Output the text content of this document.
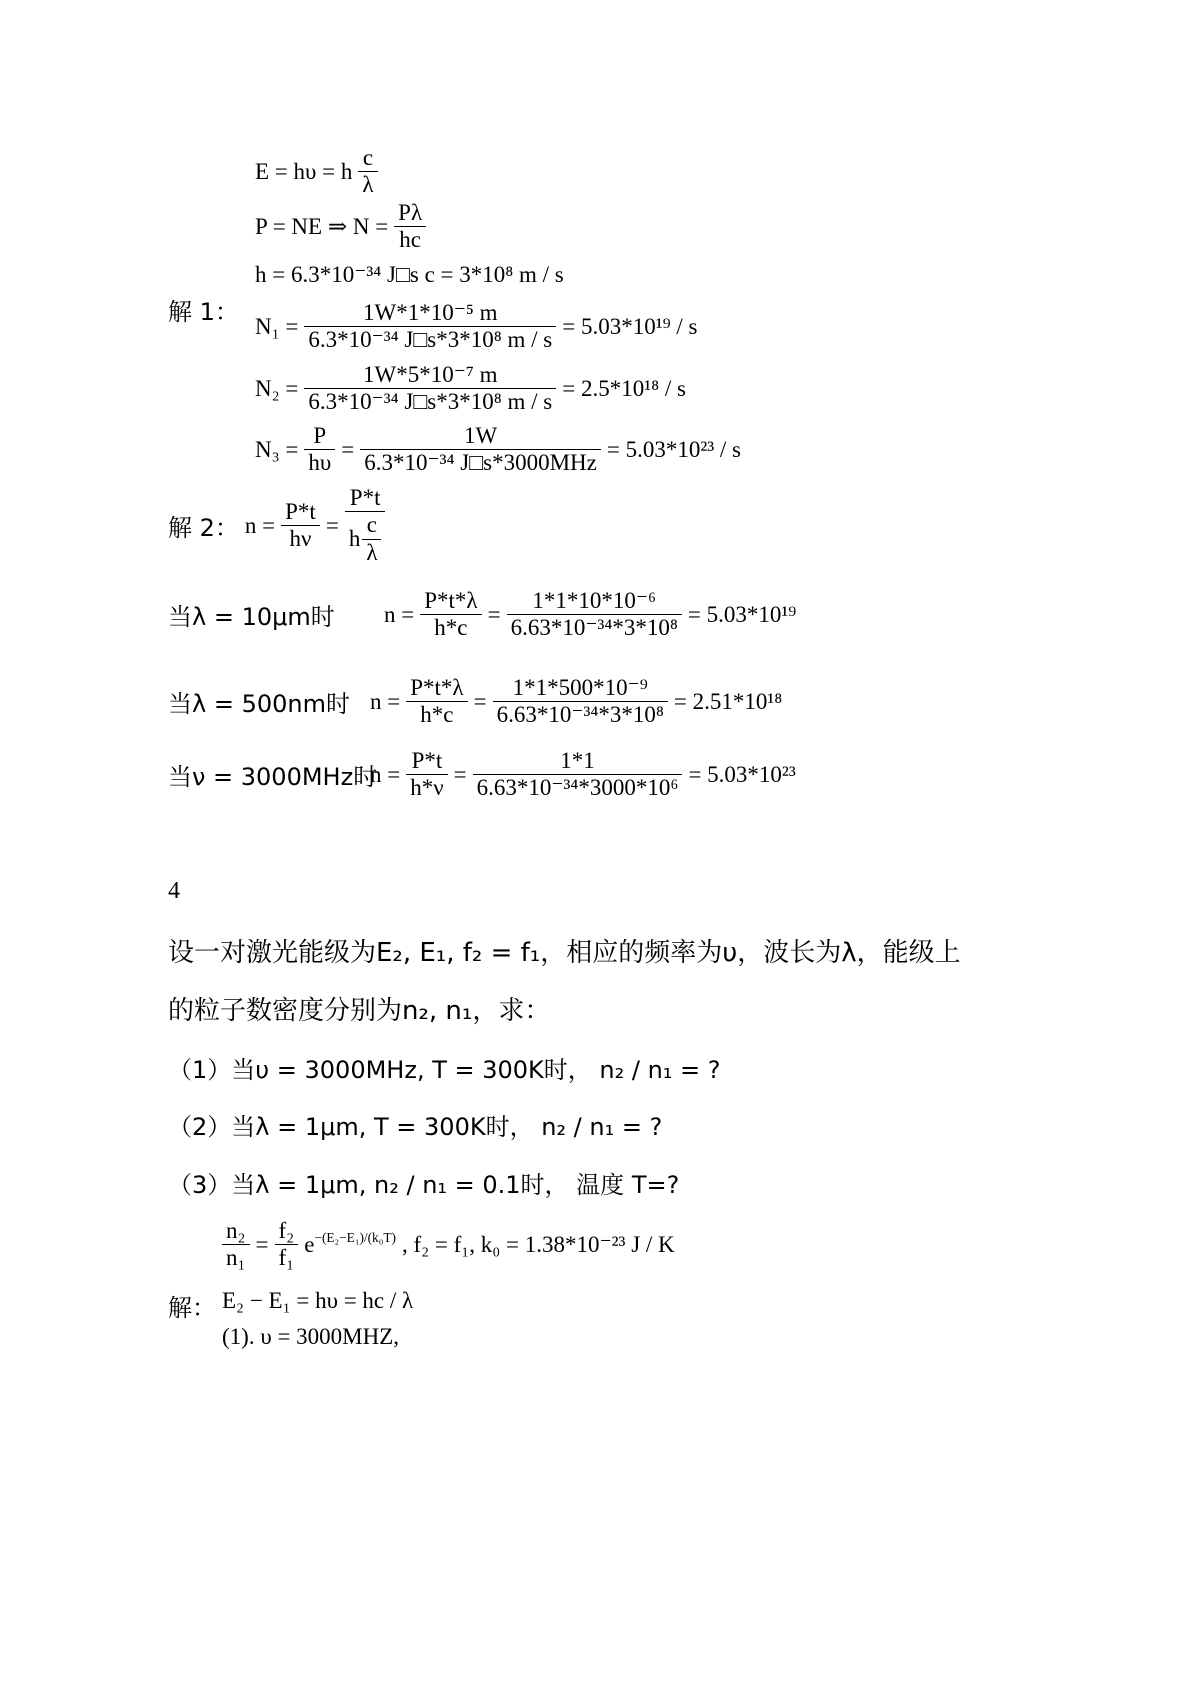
E = hυ = h $\frac{c}{\lambda}$
P = NE ⇒ $N = \frac{P\lambda}{hc}$
h = 6.3*10⁻³⁴ J□s c = 3*10⁸ m / s
解 1：
$N_1 = \frac{\text{1W*1*10⁻⁵ m}}{\text{6.3*10⁻³⁴ J□s*3*10⁸ m / s}} = 5.03*10^{19} / s$
$N_2 = \frac{\text{1W*5*10⁻⁷ m}}{\text{6.3*10⁻³⁴ J□s*3*10⁸ m / s}} = 2.5*10^{18} / s$
$N_3 = \frac{P}{h\upsilon} = \frac{1W}{\text{6.3*10⁻³⁴ J□s*3000MHz}} = 5.03*10^{23} / s$
解 2： $n = \frac{P*t}{h\nu} = \frac{P*t}{h \frac{c}{\lambda}}$
当λ = 10μm时	$n = \frac{P*t*\lambda}{h*c} = \frac{\text{1*1*10*10⁻⁶}}{\text{6.63*10⁻³⁴*3*10⁸}} = 5.03*10^{19}$
当λ = 500nm时 $n = \frac{P*t*\lambda}{h*c} = \frac{\text{1*1*500*10⁻⁹}}{\text{6.63*10⁻³⁴*3*10⁸}} = 2.51*10^{18}$
当ν = 3000MHz时
$n = \frac{P*t}{h*\nu} = \frac{1*1}{\text{6.63*10⁻³⁴*3000*10⁶}} = 5.03*10^{23}$
4
设一对激光能级为E₂, E₁, f₂ = f₁，相应的频率为υ，波长为λ，能级上
的粒子数密度分别为n₂, n₁，求：
（1）当υ = 3000MHz, T = 300K时， n₂ / n₁ = ?
（2）当λ = 1μm, T = 300K时， n₂ / n₁ = ?
（3）当λ = 1μm, n₂ / n₁ = 0.1时， 温度 T=?
$\frac{\text{n₂}}{\text{n₁}} = \frac{\text{f₂}}{\text{f₁}} e^{-(E_2-E_1)/(k_0T)}$ , f₂ = f₁, k₀ = 1.38*10⁻²³ J / K
解： E₂ − E₁ = hυ = hc / λ
(1). υ = 3000MHZ,
